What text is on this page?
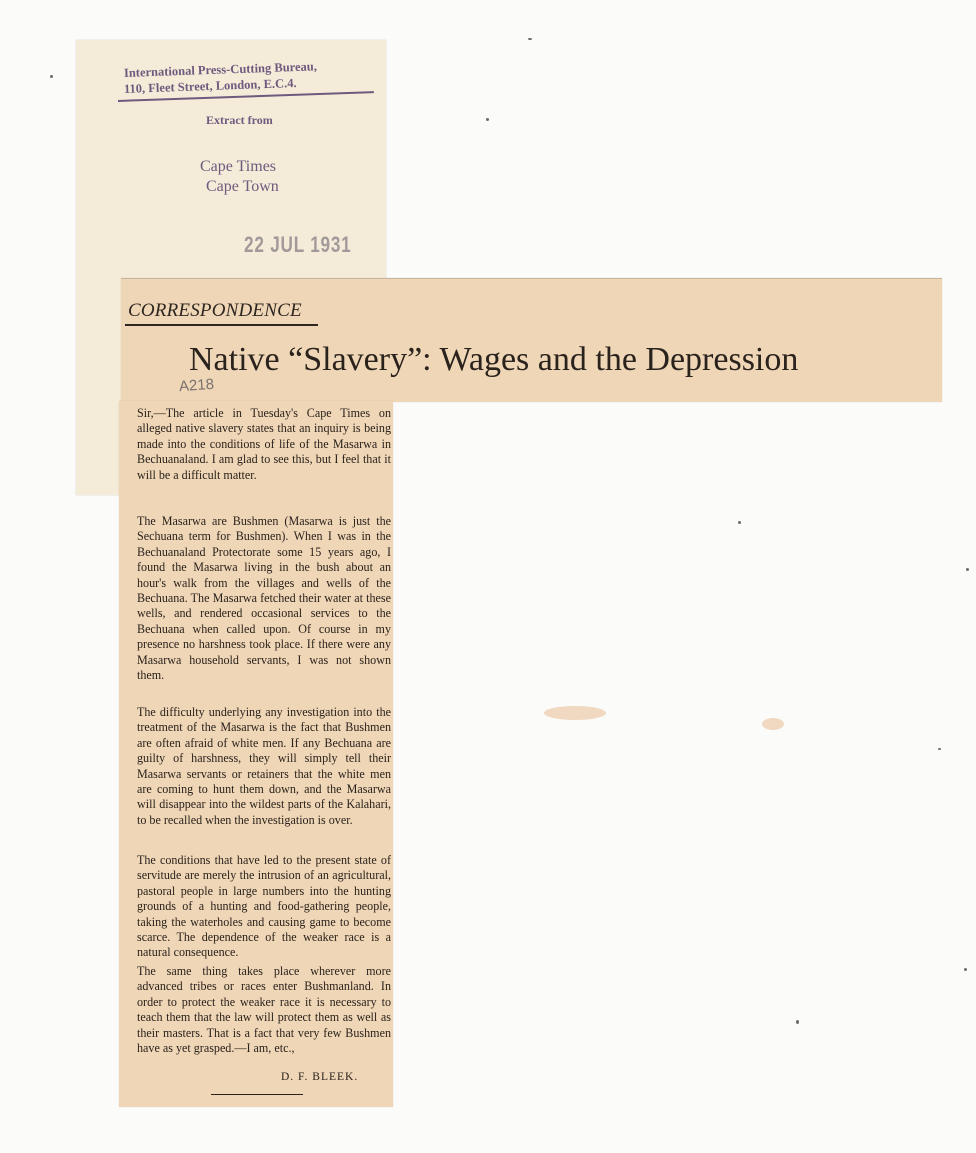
International Press-Cutting Bureau,
110, Fleet Street, London, E.C.4.
Extract from
Cape Times
Cape Town
22 JUL 1931
CORRESPONDENCE
Native “Slavery”: Wages and the Depression
A218

Sir,—The article in Tuesday's Cape Times on alleged native slavery states that an inquiry is being made into the conditions of life of the Masarwa in Bechuanaland. I am glad to see this, but I feel that it will be a difficult matter.

The Masarwa are Bushmen (Masarwa is just the Sechuana term for Bushmen). When I was in the Bechuanaland Protectorate some 15 years ago, I found the Masarwa living in the bush about an hour's walk from the villages and wells of the Bechuana. The Masarwa fetched their water at these wells, and rendered occasional services to the Bechuana when called upon. Of course in my presence no harshness took place. If there were any Masarwa household servants, I was not shown them.

The difficulty underlying any investigation into the treatment of the Masarwa is the fact that Bushmen are often afraid of white men. If any Bechuana are guilty of harshness, they will simply tell their Masarwa servants or retainers that the white men are coming to hunt them down, and the Masarwa will disappear into the wildest parts of the Kalahari, to be recalled when the investigation is over.

The conditions that have led to the present state of servitude are merely the intrusion of an agricultural, pastoral people in large numbers into the hunting grounds of a hunting and food-gathering people, taking the waterholes and causing game to become scarce. The dependence of the weaker race is a natural consequence.

The same thing takes place wherever more advanced tribes or races enter Bushmanland. In order to protect the weaker race it is necessary to teach them that the law will protect them as well as their masters. That is a fact that very few Bushmen have as yet grasped.—I am, etc.,

D. F. BLEEK.
